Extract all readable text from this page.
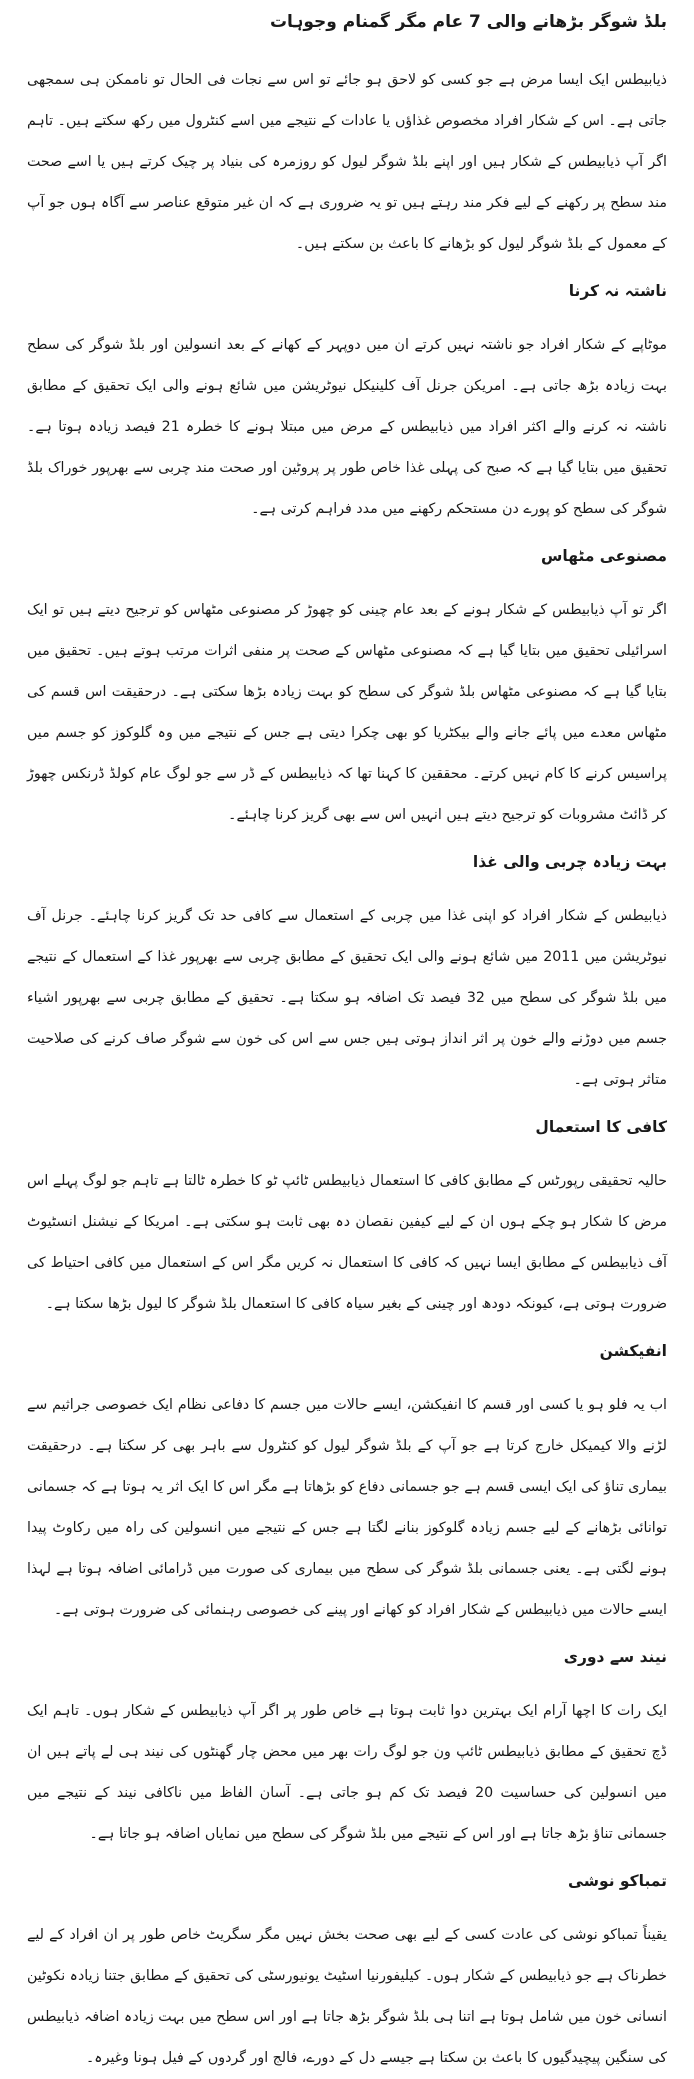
بلڈ شوگر بڑھانے والی 7 عام مگر گمنام وجوہات

ذیابیطس ایک ایسا مرض ہے جو کسی کو لاحق ہو جائے تو اس سے نجات فی الحال تو ناممکن ہی سمجھی جاتی ہے۔ اس کے شکار افراد مخصوص غذاؤں یا عادات کے نتیجے میں اسے کنٹرول میں رکھ سکتے ہیں۔ تاہم اگر آپ ذیابیطس کے شکار ہیں اور اپنے بلڈ شوگر لیول کو روزمرہ کی بنیاد پر چیک کرتے ہیں یا اسے صحت مند سطح پر رکھنے کے لیے فکر مند رہتے ہیں تو یہ ضروری ہے کہ ان غیر متوقع عناصر سے آگاہ ہوں جو آپ کے معمول کے بلڈ شوگر لیول کو بڑھانے کا باعث بن سکتے ہیں۔

ناشتہ نہ کرنا

موٹاپے کے شکار افراد جو ناشتہ نہیں کرتے ان میں دوپہر کے کھانے کے بعد انسولین اور بلڈ شوگر کی سطح بہت زیادہ بڑھ جاتی ہے۔ امریکن جرنل آف کلینیکل نیوٹریشن میں شائع ہونے والی ایک تحقیق کے مطابق ناشتہ نہ کرنے والے اکثر افراد میں ذیابیطس کے مرض میں مبتلا ہونے کا خطرہ 21 فیصد زیادہ ہوتا ہے۔ تحقیق میں بتایا گیا ہے کہ صبح کی پہلی غذا خاص طور پر پروٹین اور صحت مند چربی سے بھرپور خوراک بلڈ شوگر کی سطح کو پورے دن مستحکم رکھنے میں مدد فراہم کرتی ہے۔

مصنوعی مٹھاس

اگر تو آپ ذیابیطس کے شکار ہونے کے بعد عام چینی کو چھوڑ کر مصنوعی مٹھاس کو ترجیح دیتے ہیں تو ایک اسرائیلی تحقیق میں بتایا گیا ہے کہ مصنوعی مٹھاس کے صحت پر منفی اثرات مرتب ہوتے ہیں۔ تحقیق میں بتایا گیا ہے کہ مصنوعی مٹھاس بلڈ شوگر کی سطح کو بہت زیادہ بڑھا سکتی ہے۔ درحقیقت اس قسم کی مٹھاس معدے میں پائے جانے والے بیکٹریا کو بھی چکرا دیتی ہے جس کے نتیجے میں وہ گلوکوز کو جسم میں پراسیس کرنے کا کام نہیں کرتے۔ محققین کا کہنا تھا کہ ذیابیطس کے ڈر سے جو لوگ عام کولڈ ڈرنکس چھوڑ کر ڈائٹ مشروبات کو ترجیح دیتے ہیں انہیں اس سے بھی گریز کرنا چاہئے۔

بہت زیادہ چربی والی غذا

ذیابیطس کے شکار افراد کو اپنی غذا میں چربی کے استعمال سے کافی حد تک گریز کرنا چاہئے۔ جرنل آف نیوٹریشن میں 2011 میں شائع ہونے والی ایک تحقیق کے مطابق چربی سے بھرپور غذا کے استعمال کے نتیجے میں بلڈ شوگر کی سطح میں 32 فیصد تک اضافہ ہو سکتا ہے۔ تحقیق کے مطابق چربی سے بھرپور اشیاء جسم میں دوڑنے والے خون پر اثر انداز ہوتی ہیں جس سے اس کی خون سے شوگر صاف کرنے کی صلاحیت متاثر ہوتی ہے۔

کافی کا استعمال

حالیہ تحقیقی رپورٹس کے مطابق کافی کا استعمال ذیابیطس ٹائپ ٹو کا خطرہ ٹالتا ہے تاہم جو لوگ پہلے اس مرض کا شکار ہو چکے ہوں ان کے لیے کیفین نقصان دہ بھی ثابت ہو سکتی ہے۔ امریکا کے نیشنل انسٹیوٹ آف ذیابیطس کے مطابق ایسا نہیں کہ کافی کا استعمال نہ کریں مگر اس کے استعمال میں کافی احتیاط کی ضرورت ہوتی ہے، کیونکہ دودھ اور چینی کے بغیر سیاہ کافی کا استعمال بلڈ شوگر کا لیول بڑھا سکتا ہے۔

انفیکشن

اب یہ فلو ہو یا کسی اور قسم کا انفیکشن، ایسے حالات میں جسم کا دفاعی نظام ایک خصوصی جراثیم سے لڑنے والا کیمیکل خارج کرتا ہے جو آپ کے بلڈ شوگر لیول کو کنٹرول سے باہر بھی کر سکتا ہے۔ درحقیقت بیماری تناؤ کی ایک ایسی قسم ہے جو جسمانی دفاع کو بڑھاتا ہے مگر اس کا ایک اثر یہ ہوتا ہے کہ جسمانی توانائی بڑھانے کے لیے جسم زیادہ گلوکوز بنانے لگتا ہے جس کے نتیجے میں انسولین کی راہ میں رکاوٹ پیدا ہونے لگتی ہے۔ یعنی جسمانی بلڈ شوگر کی سطح میں بیماری کی صورت میں ڈرامائی اضافہ ہوتا ہے لہذا ایسے حالات میں ذیابیطس کے شکار افراد کو کھانے اور پینے کی خصوصی رہنمائی کی ضرورت ہوتی ہے۔

نیند سے دوری

ایک رات کا اچھا آرام ایک بہترین دوا ثابت ہوتا ہے خاص طور پر اگر آپ ذیابیطس کے شکار ہوں۔ تاہم ایک ڈچ تحقیق کے مطابق ذیابیطس ٹائپ ون جو لوگ رات بھر میں محض چار گھنٹوں کی نیند ہی لے پاتے ہیں ان میں انسولین کی حساسیت 20 فیصد تک کم ہو جاتی ہے۔ آسان الفاظ میں ناکافی نیند کے نتیجے میں جسمانی تناؤ بڑھ جاتا ہے اور اس کے نتیجے میں بلڈ شوگر کی سطح میں نمایاں اضافہ ہو جاتا ہے۔

تمباکو نوشی

یقیناً تمباکو نوشی کی عادت کسی کے لیے بھی صحت بخش نہیں مگر سگریٹ خاص طور پر ان افراد کے لیے خطرناک ہے جو ذیابیطس کے شکار ہوں۔ کیلیفورنیا اسٹیٹ یونیورسٹی کی تحقیق کے مطابق جتنا زیادہ نکوٹین انسانی خون میں شامل ہوتا ہے اتنا ہی بلڈ شوگر بڑھ جاتا ہے اور اس سطح میں بہت زیادہ اضافہ ذیابیطس کی سنگین پیچیدگیوں کا باعث بن سکتا ہے جیسے دل کے دورے، فالج اور گردوں کے فیل ہونا وغیرہ۔
